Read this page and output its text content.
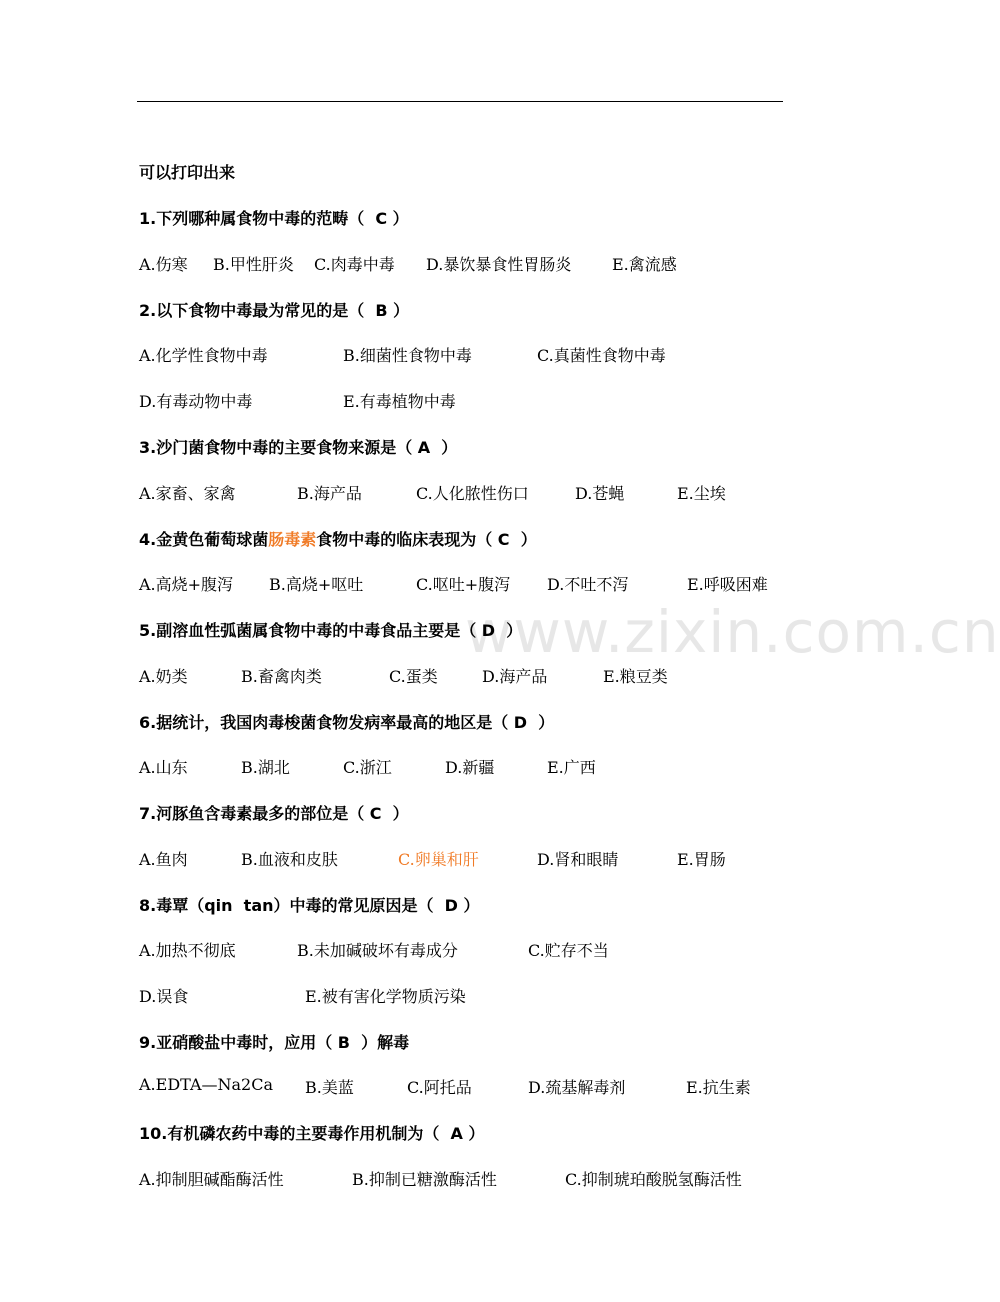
www.zixin.com.cn
可以打印出来
1.下列哪种属食物中毒的范畴（  C ）

A.伤寒

B.甲性肝炎

C.肉毒中毒

D.暴饮暴食性胃肠炎

	E.禽流感

2.以下食物中毒最为常见的是（  B ）

A.化学性食物中毒

	B.细菌性食物中毒

	C.真菌性食物中毒

D.有毒动物中毒

	E.有毒植物中毒

3.沙门菌食物中毒的主要食物来源是（ A  ）

A.家畜、家禽

	B.海产品

	C.人化脓性伤口

	D.苍蝇

	E.尘埃

4.金黄色葡萄球菌肠毒素食物中毒的临床表现为（ C  ）

A.高烧+腹泻

B.高烧+呕吐

	C.呕吐+腹泻

D.不吐不泻

	E.呼吸困难

5.副溶血性弧菌属食物中毒的中毒食品主要是（ D  ）

A.奶类

	B.畜禽肉类

	C.蛋类

	D.海产品

	E.粮豆类

6.据统计，我国肉毒梭菌食物发病率最高的地区是（ D  ）

A.山东

	B.湖北

	C.浙江

	D.新疆

	E.广西

7.河豚鱼含毒素最多的部位是（ C  ）

A.鱼肉

	B.血液和皮肤

	C.卵巢和肝

	D.肾和眼睛

	E.胃肠

8.毒覃（qin  tan）中毒的常见原因是（  D ）

A.加热不彻底

	B.未加碱破坏有毒成分

	C.贮存不当

D.误食

	E.被有害化学物质污染

9.亚硝酸盐中毒时，应用（ B  ）解毒

A.EDTA—Na2Ca

B.美蓝

	C.阿托品

	D.巯基解毒剂

	E.抗生素

10.有机磷农药中毒的主要毒作用机制为（  A ）

A.抑制胆碱酯酶活性

	B.抑制已糖激酶活性

	C.抑制琥珀酸脱氢酶活性
